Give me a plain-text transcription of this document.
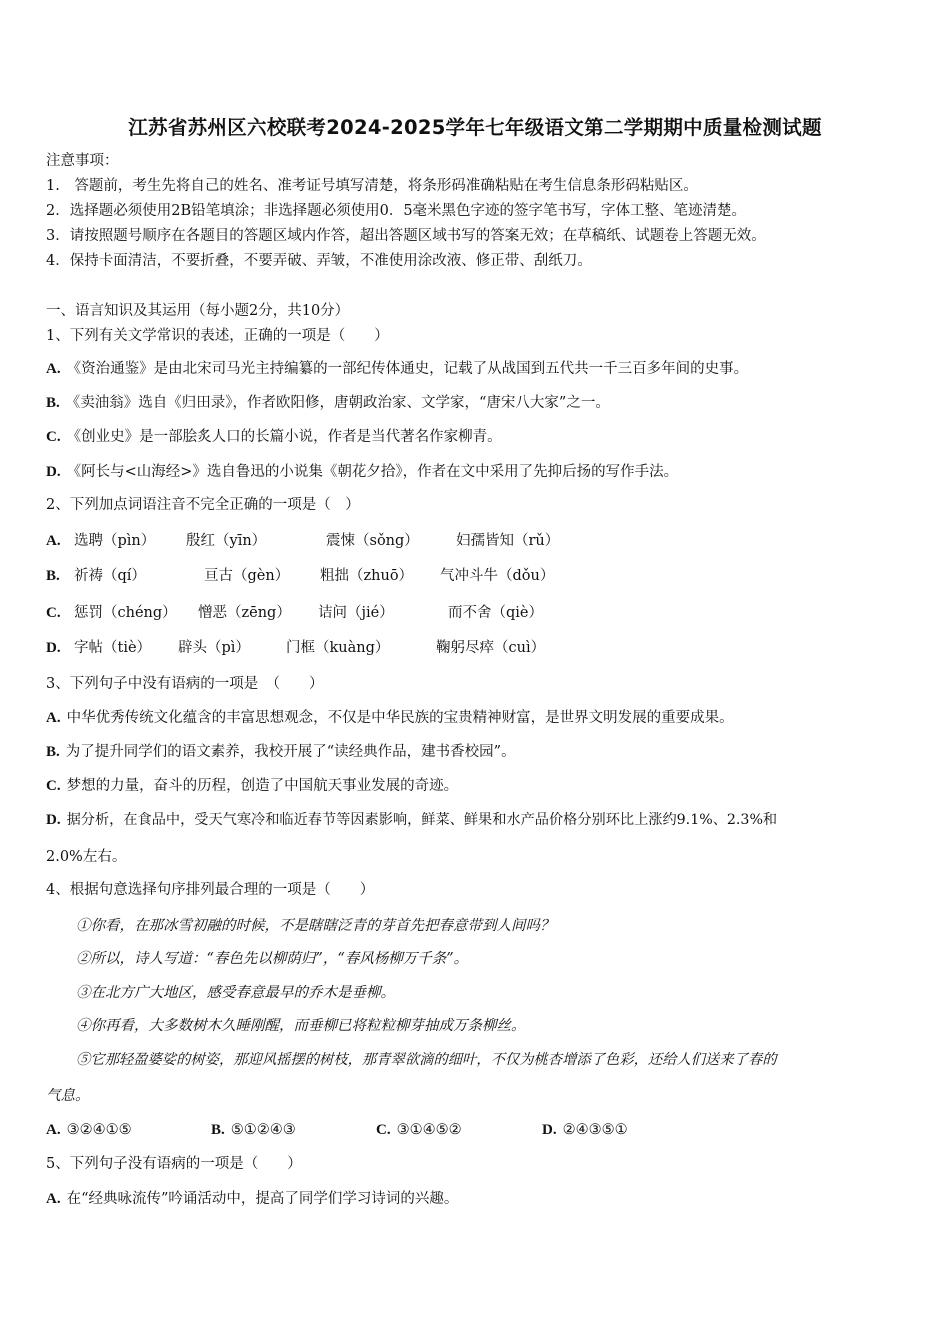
江苏省苏州区六校联考2024-2025学年七年级语文第二学期期中质量检测试题
注意事项：
1.　答题前，考生先将自己的姓名、准考证号填写清楚，将条形码准确粘贴在考生信息条形码粘贴区。
2．选择题必须使用2B铅笔填涂；非选择题必须使用0．5毫米黑色字迹的签字笔书写，字体工整、笔迹清楚。
3．请按照题号顺序在各题目的答题区域内作答，超出答题区域书写的答案无效；在草稿纸、试题卷上答题无效。
4．保持卡面清洁，不要折叠，不要弄破、弄皱，不准使用涂改液、修正带、刮纸刀。
一、语言知识及其运用（每小题2分，共10分）
1、下列有关文学常识的表述，正确的一项是（　　）
A. 《资治通鉴》是由北宋司马光主持编纂的一部纪传体通史，记载了从战国到五代共一千三百多年间的史事。
B. 《卖油翁》选自《归田录》，作者欧阳修，唐朝政治家、文学家，“唐宋八大家”之一。
C. 《创业史》是一部脍炙人口的长篇小说，作者是当代著名作家柳青。
D. 《阿长与<山海经>》选自鲁迅的小说集《朝花夕拾》，作者在文中采用了先抑后扬的写作手法。
2、下列加点词语注音不完全正确的一项是（　）
A. 选聘（pìn） 殷红（yīn）	震悚（sǒng）	妇孺皆知（rǔ）
B. 祈祷（qí）	亘古（gèn） 粗拙（zhuō） 气冲斗牛（dǒu）
C. 惩罚（chéng） 憎恶（zēng） 诘问（jié）	而不舍（qiè）
D. 字帖（tiè） 辟头（pì） 门框（kuàng）	鞠躬尽瘁（cuì）
3、下列句子中没有语病的一项是　（　　）
A. 中华优秀传统文化蕴含的丰富思想观念，不仅是中华民族的宝贵精神财富，是世界文明发展的重要成果。
B. 为了提升同学们的语文素养，我校开展了“读经典作品，建书香校园”。
C. 梦想的力量，奋斗的历程，创造了中国航天事业发展的奇迹。
D. 据分析，在食品中，受天气寒冷和临近春节等因素影响，鲜菜、鲜果和水产品价格分别环比上涨约9.1%、2.3%和
2.0%左右。
4、根据句意选择句序排列最合理的一项是（　　）
①你看，在那冰雪初融的时候，不是瞎瞎泛青的芽首先把春意带到人间吗？
②所以，诗人写道：“春色先以柳荫归”，“春风杨柳万千条”。
③在北方广大地区，感受春意最早的乔木是垂柳。
④你再看，大多数树木久睡刚醒，而垂柳已将粒粒柳芽抽成万条柳丝。
⑤它那轻盈婆娑的树姿，那迎风摇摆的树枝，那青翠欲滴的细叶，不仅为桃杏增添了色彩，还给人们送来了春的
气息。
A. ③②④①⑤	B. ⑤①②④③	C. ③①④⑤②	D. ②④③⑤①
5、下列句子没有语病的一项是（　　）
A. 在“经典咏流传”吟诵活动中，提高了同学们学习诗词的兴趣。
